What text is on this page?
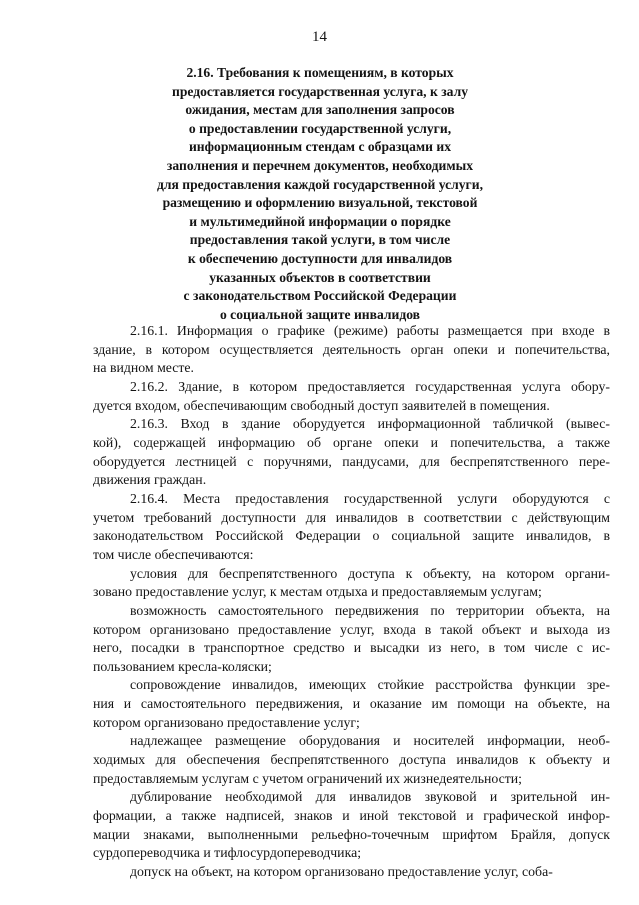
14
2.16. Требования к помещениям, в которых
предоставляется государственная услуга, к залу
ожидания, местам для заполнения запросов
о предоставлении государственной услуги,
информационным стендам с образцами их
заполнения и перечнем документов, необходимых
для предоставления каждой государственной услуги,
размещению и оформлению визуальной, текстовой
и мультимедийной информации о порядке
предоставления такой услуги, в том числе
к обеспечению доступности для инвалидов
указанных объектов в соответствии
с законодательством Российской Федерации
о социальной защите инвалидов
2.16.1. Информация о графике (режиме) работы размещается при входе в
здание, в котором осуществляется деятельность орган опеки и попечительства,
на видном месте.
2.16.2. Здание, в котором предоставляется государственная услуга обору-
дуется входом, обеспечивающим свободный доступ заявителей в помещения.
2.16.3. Вход в здание оборудуется информационной табличкой (вывес-
кой), содержащей информацию об органе опеки и попечительства, а также
оборудуется лестницей с поручнями, пандусами, для беспрепятственного пере-
движения граждан.
2.16.4. Места предоставления государственной услуги оборудуются с
учетом требований доступности для инвалидов в соответствии с действующим
законодательством Российской Федерации о социальной защите инвалидов, в
том числе обеспечиваются:
условия для беспрепятственного доступа к объекту, на котором органи-
зовано предоставление услуг, к местам отдыха и предоставляемым услугам;
возможность самостоятельного передвижения по территории объекта, на
котором организовано предоставление услуг, входа в такой объект и выхода из
него, посадки в транспортное средство и высадки из него, в том числе с ис-
пользованием кресла-коляски;
сопровождение инвалидов, имеющих стойкие расстройства функции зре-
ния и самостоятельного передвижения, и оказание им помощи на объекте, на
котором организовано предоставление услуг;
надлежащее размещение оборудования и носителей информации, необ-
ходимых для обеспечения беспрепятственного доступа инвалидов к объекту и
предоставляемым услугам с учетом ограничений их жизнедеятельности;
дублирование необходимой для инвалидов звуковой и зрительной ин-
формации, а также надписей, знаков и иной текстовой и графической инфор-
мации знаками, выполненными рельефно-точечным шрифтом Брайля, допуск
сурдопереводчика и тифлосурдопереводчика;
допуск на объект, на котором организовано предоставление услуг, соба-
